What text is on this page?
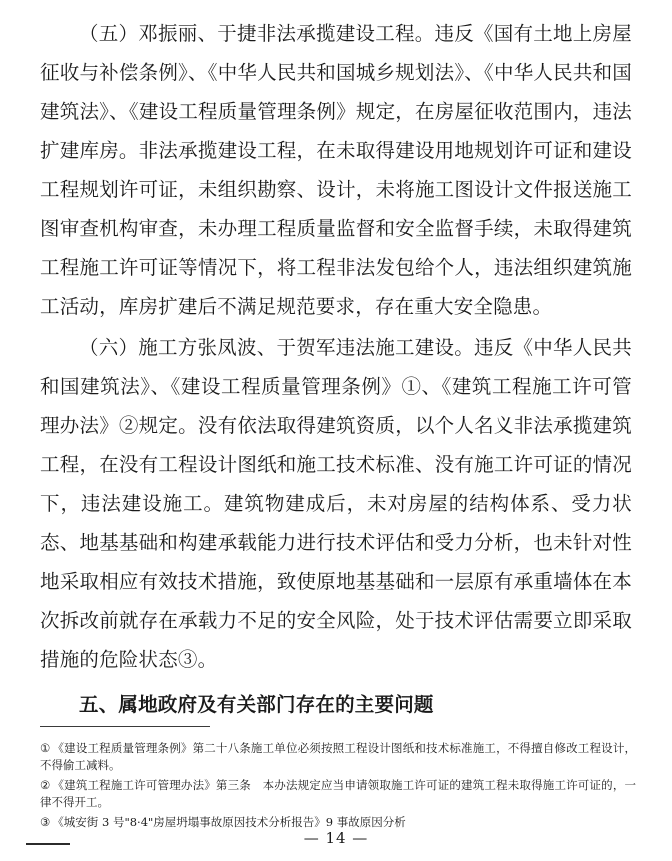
（五）邓振丽、于捷非法承揽建设工程。违反《国有土地上房屋征收与补偿条例》、《中华人民共和国城乡规划法》、《中华人民共和国建筑法》、《建设工程质量管理条例》规定，在房屋征收范围内，违法扩建库房。非法承揽建设工程，在未取得建设用地规划许可证和建设工程规划许可证，未组织勘察、设计，未将施工图设计文件报送施工图审查机构审查，未办理工程质量监督和安全监督手续，未取得建筑工程施工许可证等情况下，将工程非法发包给个人，违法组织建筑施工活动，库房扩建后不满足规范要求，存在重大安全隐患。

（六）施工方张凤波、于贺军违法施工建设。违反《中华人民共和国建筑法》、《建设工程质量管理条例》①、《建筑工程施工许可管理办法》②规定。没有依法取得建筑资质，以个人名义非法承揽建筑工程，在没有工程设计图纸和施工技术标准、没有施工许可证的情况下，违法建设施工。建筑物建成后，未对房屋的结构体系、受力状态、地基基础和构建承载能力进行技术评估和受力分析，也未针对性地采取相应有效技术措施，致使原地基基础和一层原有承重墙体在本次拆改前就存在承载力不足的安全风险，处于技术评估需要立即采取措施的危险状态③。

五、属地政府及有关部门存在的主要问题

① 《建设工程质量管理条例》第二十八条施工单位必须按照工程设计图纸和技术标准施工，不得擅自修改工程设计，不得偷工减料。
② 《建筑工程施工许可管理办法》第三条　本办法规定应当申请领取施工许可证的建筑工程未取得施工许可证的，一律不得开工。
③ 《城安街 3 号"8·4"房屋坍塌事故原因技术分析报告》9 事故原因分析
— 14 —
